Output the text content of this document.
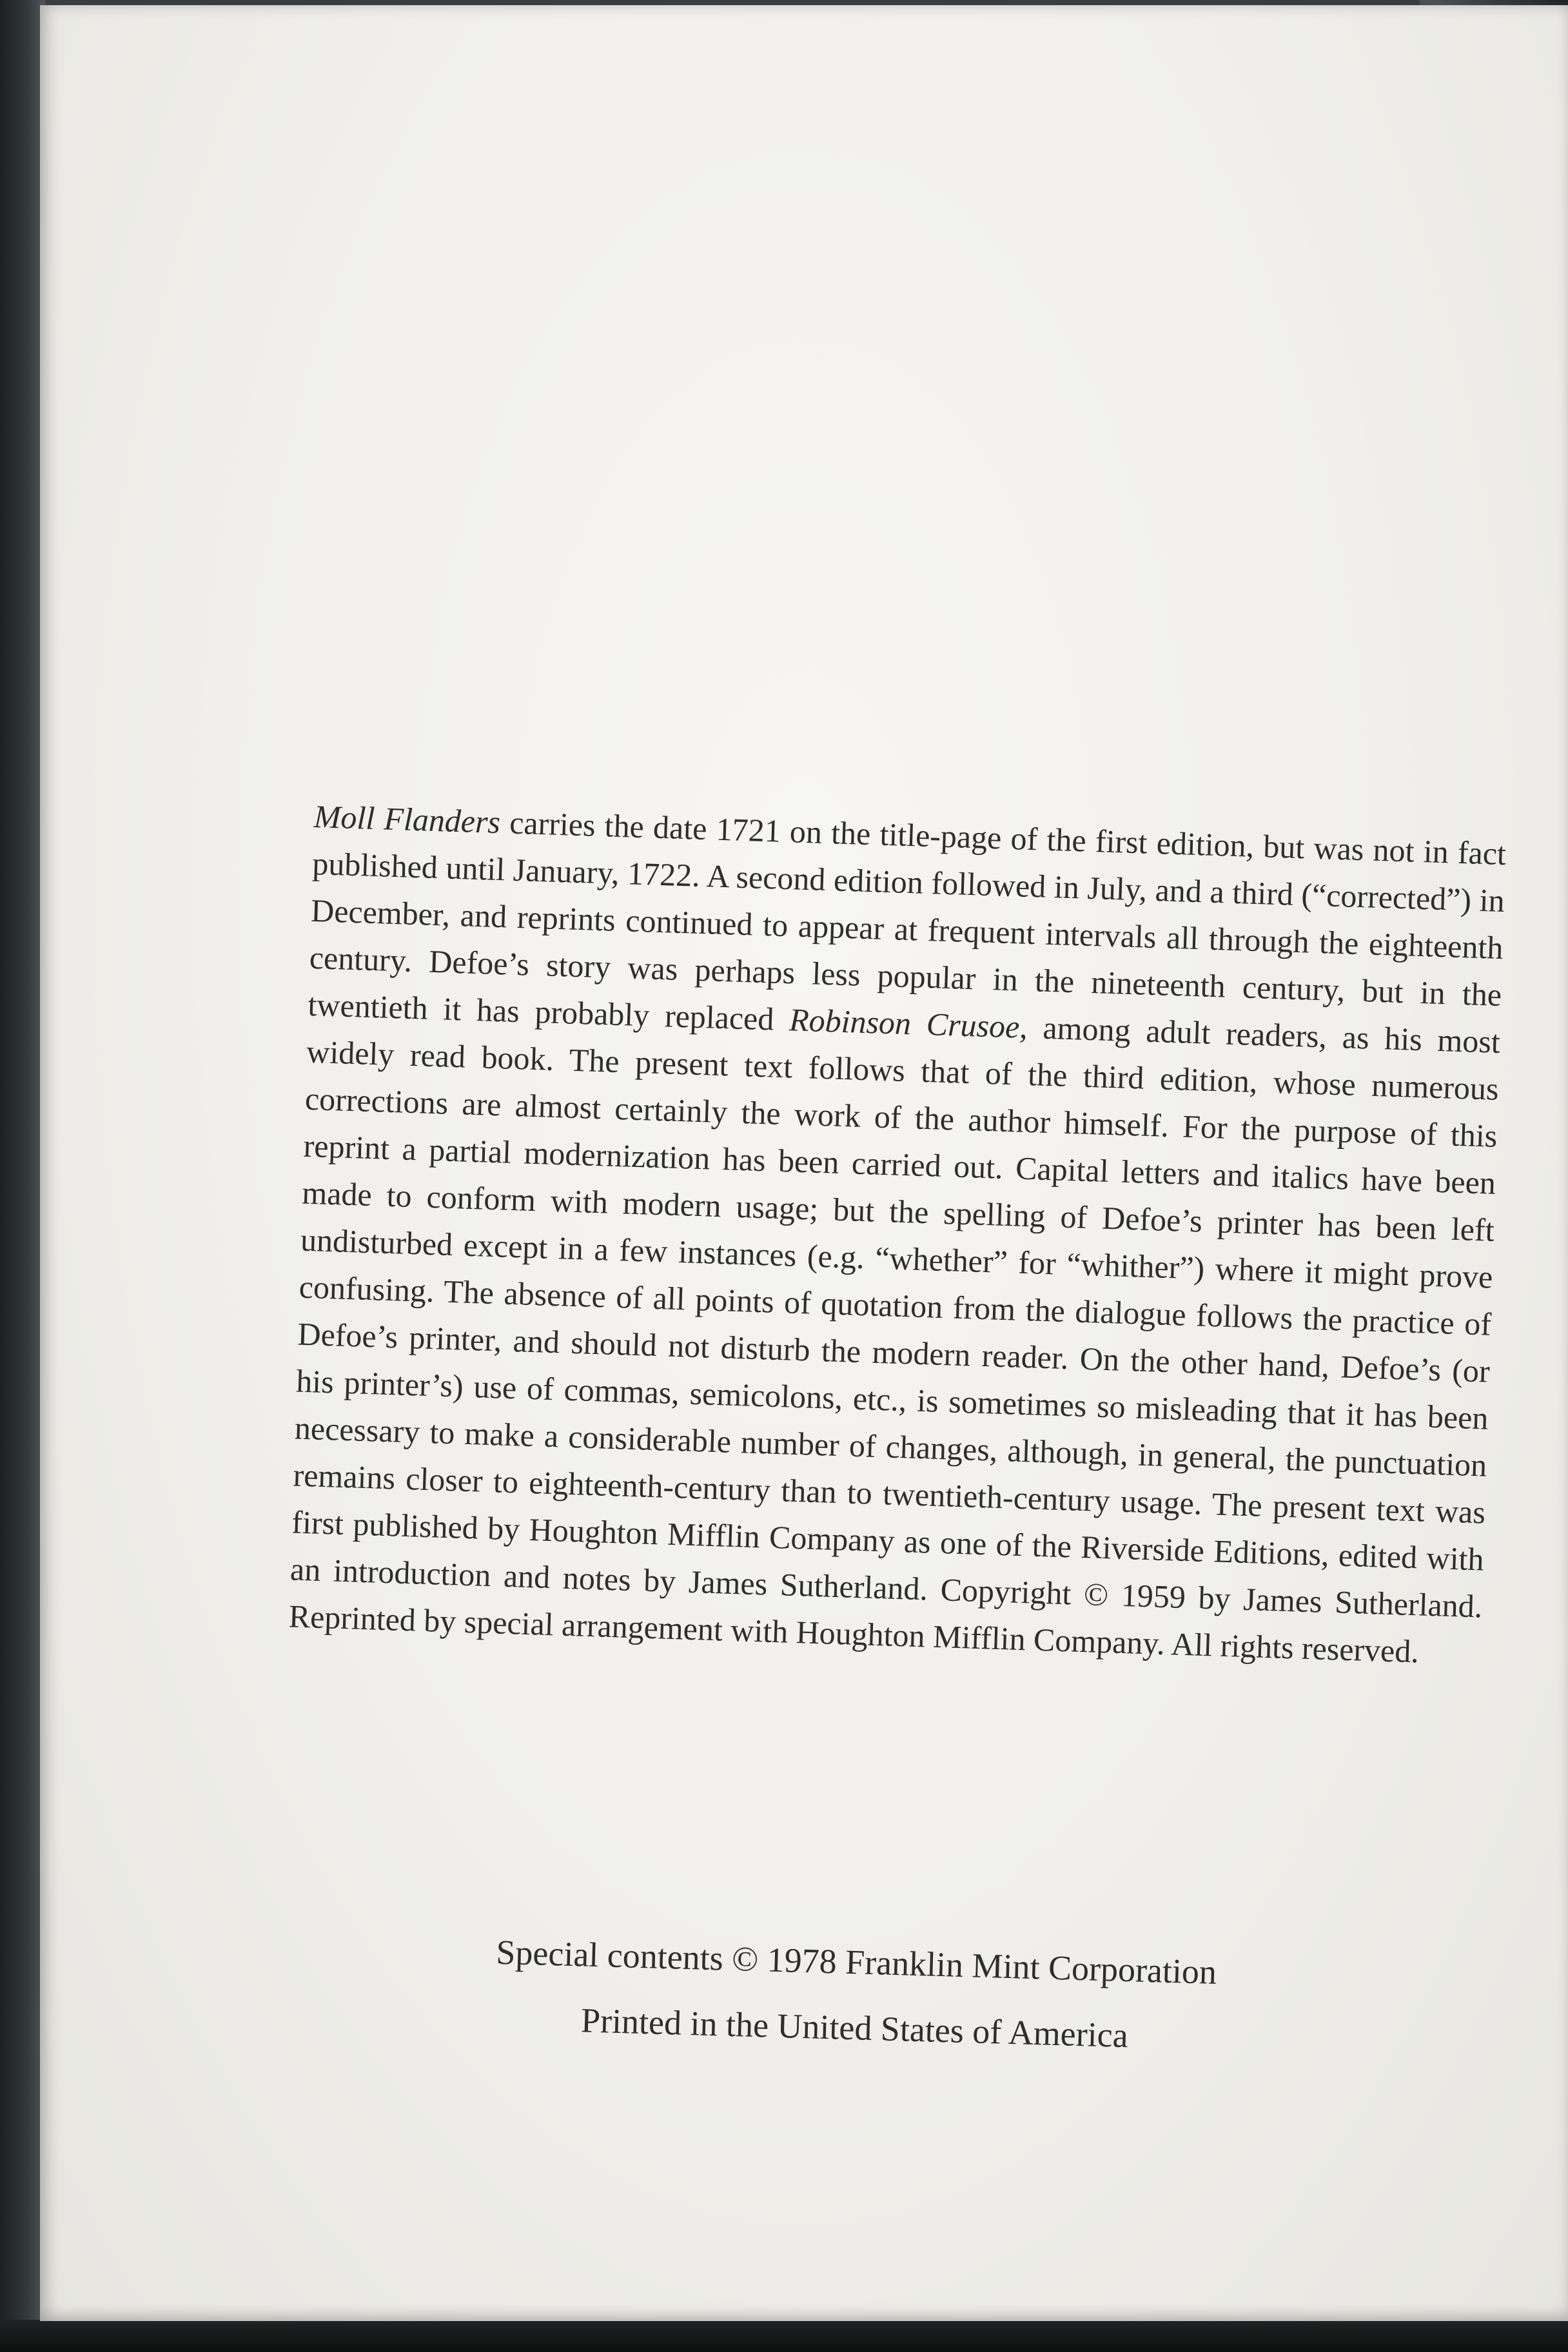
Moll Flanders carries the date 1721 on the title-page of the first edition, but was not in fact published until January, 1722. A second edition followed in July, and a third (“corrected”) in December, and reprints continued to appear at frequent intervals all through the eighteenth century. Defoe’s story was perhaps less popular in the nineteenth century, but in the twentieth it has probably replaced Robinson Crusoe, among adult readers, as his most widely read book. The present text follows that of the third edition, whose numerous corrections are almost certainly the work of the author himself. For the purpose of this reprint a partial modernization has been carried out. Capital letters and italics have been made to conform with modern usage; but the spelling of Defoe’s printer has been left undisturbed except in a few instances (e.g. “whether” for “whither”) where it might prove confusing. The absence of all points of quotation from the dialogue follows the practice of Defoe’s printer, and should not disturb the modern reader. On the other hand, Defoe’s (or his printer’s) use of commas, semicolons, etc., is sometimes so misleading that it has been necessary to make a considerable number of changes, although, in general, the punctuation remains closer to eighteenth-century than to twentieth-century usage. The present text was first published by Houghton Mifflin Company as one of the Riverside Editions, edited with an introduction and notes by James Sutherland. Copyright © 1959 by James Sutherland. Reprinted by special arrangement with Houghton Mifflin Company. All rights reserved.

Special contents © 1978 Franklin Mint Corporation
Printed in the United States of America
